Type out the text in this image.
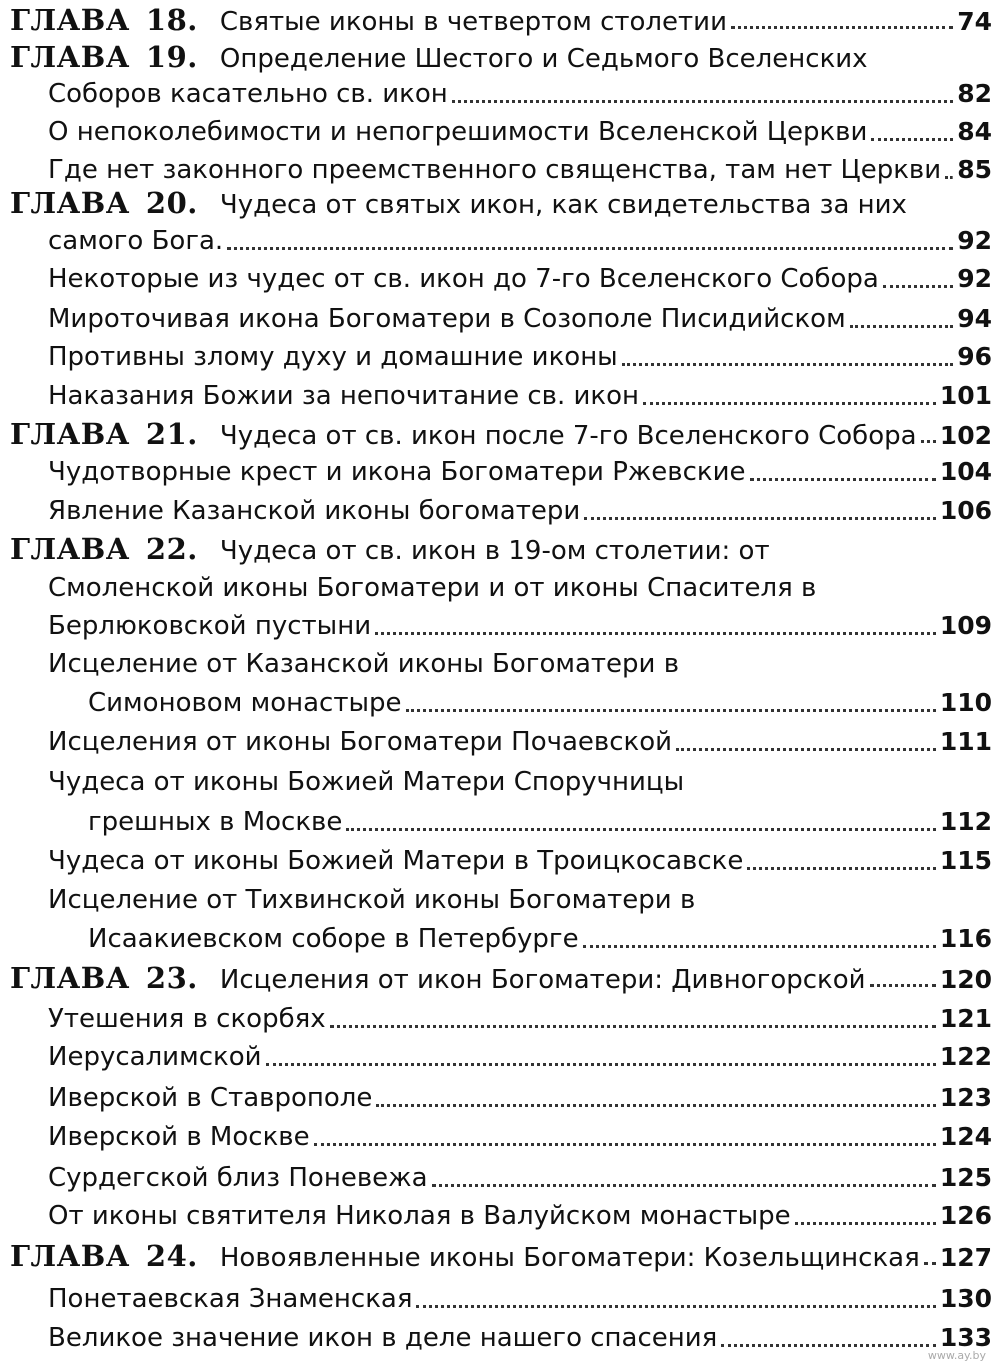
ГЛАВА 18. Святые иконы в четвертом столетии	74
ГЛАВА 19. Определение Шестого и Седьмого Вселенских
Соборов касательно св. икон	82
О непоколебимости и непогрешимости Вселенской Церкви	84
Где нет законного преемственного священства, там нет Церкви 85
ГЛАВА 20. Чудеса от святых икон, как свидетельства за них
самого Бога.	92
Некоторые из чудес от св. икон до 7-го Вселенского Собора	92
Мироточивая икона Богоматери в Созополе Писидийском	94
Противны злому духу и домашние иконы	96
Наказания Божии за непочитание св. икон	101
ГЛАВА 21. Чудеса от св. икон после 7-го Вселенского Собора 102
Чудотворные крест и икона Богоматери Ржевские	104
Явление Казанской иконы богоматери	106
ГЛАВА 22. Чудеса от св. икон в 19-ом столетии: от
Смоленской иконы Богоматери и от иконы Спасителя в
Берлюковской пустыни	109
Исцеление от Казанской иконы Богоматери в
Симоновом монастыре	110
Исцеления от иконы Богоматери Почаевской	111
Чудеса от иконы Божией Матери Споручницы
грешных в Москве	112
Чудеса от иконы Божией Матери в Троицкосавске	115
Исцеление от Тихвинской иконы Богоматери в
Исаакиевском соборе в Петербурге	116
ГЛАВА 23. Исцеления от икон Богоматери: Дивногорской	120
Утешения в скорбях	121
Иерусалимской	122
Иверской в Ставрополе	123
Иверской в Москве	124
Сурдегской близ Поневежа	125
От иконы святителя Николая в Валуйском монастыре	126
ГЛАВА 24. Новоявленные иконы Богоматери: Козельщинская 127
Понетаевская Знаменская	130
Великое значение икон в деле нашего спасения	133
www.ay.by
